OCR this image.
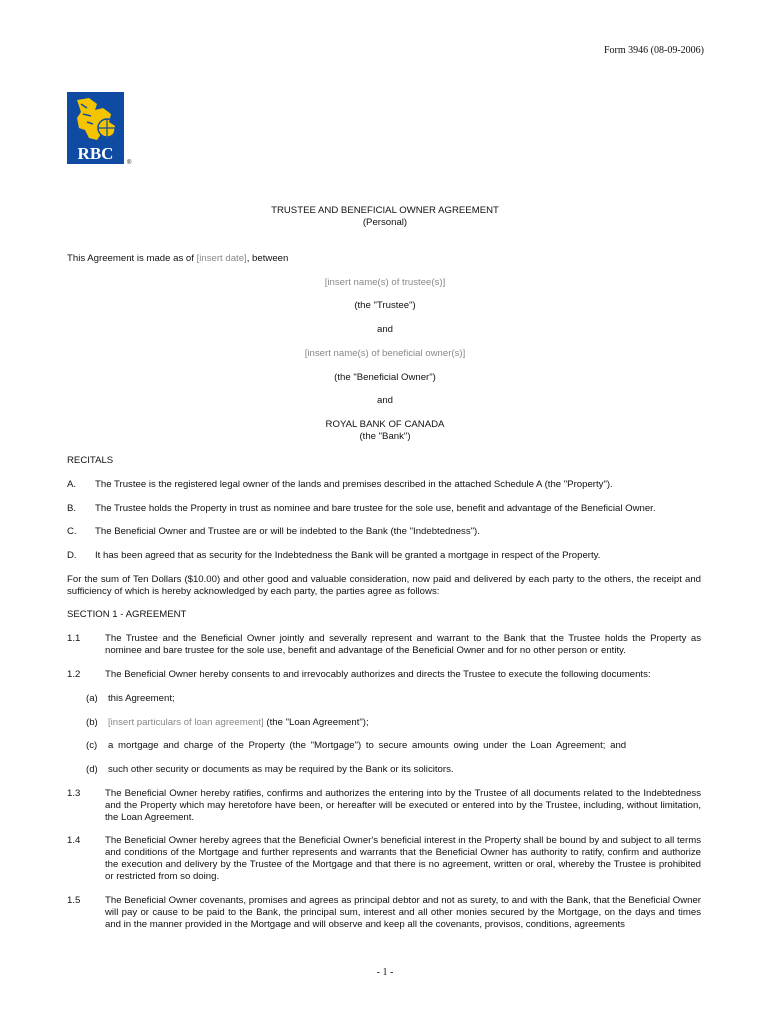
Form 3946 (08-09-2006)
RBC ®
TRUSTEE AND BENEFICIAL OWNER AGREEMENT
(Personal)
This Agreement is made as of [insert date], between
[insert name(s) of trustee(s)]
(the "Trustee")
and
[insert name(s) of beneficial owner(s)]
(the "Beneficial Owner")
and
ROYAL BANK OF CANADA
(the "Bank")
RECITALS
A. The Trustee is the registered legal owner of the lands and premises described in the attached Schedule A (the "Property").
B. The Trustee holds the Property in trust as nominee and bare trustee for the sole use, benefit and advantage of the Beneficial Owner.
C. The Beneficial Owner and Trustee are or will be indebted to the Bank (the "Indebtedness").
D. It has been agreed that as security for the Indebtedness the Bank will be granted a mortgage in respect of the Property.
For the sum of Ten Dollars ($10.00) and other good and valuable consideration, now paid and delivered by each party to the others, the receipt and sufficiency of which is hereby acknowledged by each party, the parties agree as follows:
SECTION 1 - AGREEMENT
1.1	The Trustee and the Beneficial Owner jointly and severally represent and warrant to the Bank that the Trustee holds the Property as nominee and bare trustee for the sole use, benefit and advantage of the Beneficial Owner and for no other person or entity.
1.2	The Beneficial Owner hereby consents to and irrevocably authorizes and directs the Trustee to execute the following documents:
(a) this Agreement;
(b) [insert particulars of loan agreement] (the "Loan Agreement");
(c) a mortgage and charge of the Property (the "Mortgage") to secure amounts owing under the Loan Agreement; and
(d) such other security or documents as may be required by the Bank or its solicitors.
1.3	The Beneficial Owner hereby ratifies, confirms and authorizes the entering into by the Trustee of all documents related to the Indebtedness and the Property which may heretofore have been, or hereafter will be executed or entered into by the Trustee, including, without limitation, the Loan Agreement.
1.4	The Beneficial Owner hereby agrees that the Beneficial Owner's beneficial interest in the Property shall be bound by and subject to all terms and conditions of the Mortgage and further represents and warrants that the Beneficial Owner has authority to ratify, confirm and authorize the execution and delivery by the Trustee of the Mortgage and that there is no agreement, written or oral, whereby the Trustee is prohibited or restricted from so doing.
1.5	The Beneficial Owner covenants, promises and agrees as principal debtor and not as surety, to and with the Bank, that the Beneficial Owner will pay or cause to be paid to the Bank, the principal sum, interest and all other monies secured by the Mortgage, on the days and times and in the manner provided in the Mortgage and will observe and keep all the covenants, provisos, conditions, agreements
- 1 -
